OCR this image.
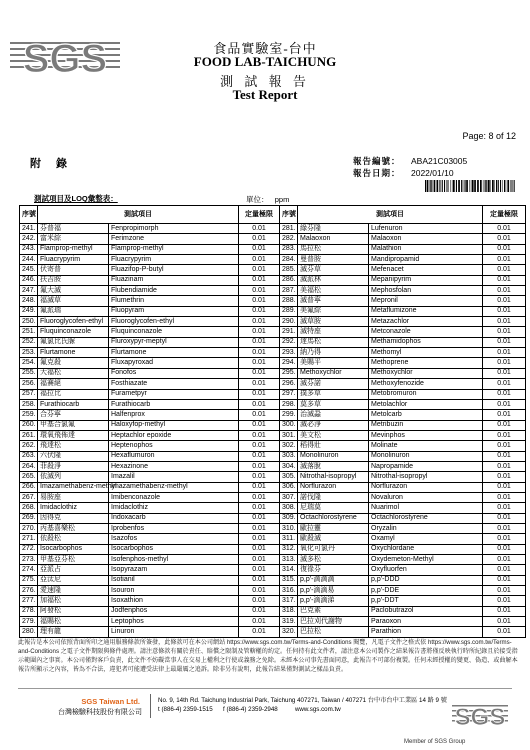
SGS	食品實驗室-台中
FOOD LAB-TAICHUNG
測 試 報 告
Test Report
Page: 8 of 12
附 錄	報告編號： ABA21C03005
報告日期： 2022/01/10
測試項目及LOQ彙整表：	單位： ppm
序號	測試項目		定量極限	序號	測試項目		定量極限
241.	芬普福	Fenpropimorph	0.01	281.	綠芬隆	Lufenuron	0.01
242.	富米綜	Ferimzone	0.01	282.	Malaoxon	Malaoxon	0.01
243.	Flamprop-methyl	Flamprop-methyl	0.01	283.	馬拉松	Malathion	0.01
244.	Fluacrypyrim	Fluacrypyrim	0.01	284.	曼普胺	Mandipropamid	0.01
245.	伏寄普	Fluazifop-P-butyl	0.01	285.	滅芬草	Mefenacet	0.01
246.	扶吉胺	Fluazinam	0.01	286.	滅派林	Mepanipyrim	0.01
247.	氟大滅	Flubendiamide	0.01	287.	美福松	Mephosfolan	0.01
248.	福滅草	Flumethrin	0.01	288.	滅普寧	Mepronil	0.01
249.	氟派瑞	Fluopyram	0.01	289.	美氟綜	Metaflumizone	0.01
250.	Fluoroglycofen-ethyl	Fluoroglycofen-ethyl	0.01	290.	滅草胺	Metazachlor	0.01
251.	Fluquinconazole	Fluquinconazole	0.01	291.	滅特座	Metconazole	0.01
252.	氟氯比氏脲	Fluroxypyr-meptyl	0.01	292.	達馬松	Methamidophos	0.01
253.	Flurtamone	Flurtamone	0.01	293.	納乃得	Methomyl	0.01
254.	氟克殺	Fluxapyroxad	0.01	294.	美賜平	Methoprene	0.01
255.	大福松	Fonofos	0.01	295.	Methoxychlor	Methoxychlor	0.01
256.	福賽絕	Fosthiazate	0.01	296.	滅芬諾	Methoxyfenozide	0.01
257.	福拉比	Furametpyr	0.01	297.	撲多草	Metobromuron	0.01
258.	Furathiocarb	Furathiocarb	0.01	298.	莫多草	Metolachlor	0.01
259.	合芬寧	Halfenprox	0.01	299.	治滅蝨	Metolcarb	0.01
260.	甲基合氯氟	Haloxyfop-methyl	0.01	300.	滅必淨	Metribuzin	0.01
261.	環氧飛佈達	Heptachlor epoxide	0.01	301.	美文松	Mevinphos	0.01
262.	飛達松	Heptenophos	0.01	302.	稻得壯	Molinate	0.01
263.	六伏隆	Hexaflumuron	0.01	303.	Monolinuron	Monolinuron	0.01
264.	菲殺淨	Hexazinone	0.01	304.	滅落脫	Napropamide	0.01
265.	依滅列	Imazalil	0.01	305.	Nitrothal-isopropyl	Nitrothal-isopropyl	0.01
266.	Imazamethabenz-methyl	Imazamethabenz-methyl	0.01	306.	Norflurazon	Norflurazon	0.01
267.	易胺座	Imibenconazole	0.01	307.	諾伐隆	Novaluron	0.01
268.	Imidaclothiz	Imidaclothiz	0.01	308.	尼瑞莫	Nuarimol	0.01
269.	因得克	Indoxacarb	0.01	309.	Octachlorostyrene	Octachlorostyrene	0.01
270.	丙基喜樂松	Iprobenfos	0.01	310.	歐拉靈	Oryzalin	0.01
271.	依殺松	Isazofos	0.01	311.	歐殺滅	Oxamyl	0.01
272.	Isocarbophos	Isocarbophos	0.01	312.	氧化可氯丹	Oxychlordane	0.01
273.	甲基亞芬松	Isofenphos-methyl	0.01	313.	滅多松	Oxydemeton-Methyl	0.01
274.	亞派占	Isopyrazam	0.01	314.	復祿芬	Oxyfluorfen	0.01
275.	亞汰尼	Isotianil	0.01	315.	p,p'-滴滴滴	p,p'-DDD	0.01
276.	愛速隆	Isouron	0.01	316.	p,p'-滴滴易	p,p'-DDE	0.01
277.	加福松	Isoxathion	0.01	317.	p,p'-滴滴涕	p,p'-DDT	0.01
278.	阿發松	Jodfenphos	0.01	318.	巴克素	Paclobutrazol	0.01
279.	福賜松	Leptophos	0.01	319.	巴拉刈代謝物	Paraoxon	0.01
280.	理有龍	Linuron	0.01	320.	巴拉松	Parathion	0.01
此報告是本公司依照背面所印之通用服務條款所簽發，此條款可在本公司網站 https://www.sgs.com.tw/Terms-and-Conditions 閱覽，凡電子文件之格式依 https://www.sgs.com.tw/Terms-and-Conditions 之電子文件期限與條件處理。請注意條款有關於責任、賠償之限制及管轄權的約定。任何持有此文件者，請注意本公司製作之結果報告書將僅反映執行時所紀錄且於接受指示範圍內之事實。本公司僅對客戶負責，此文件不妨礙當事人在交易上權利之行使或義務之免除。未經本公司事先書面同意，此報告不可部份複製。任何未經授權的變更、偽造、或曲解本報告所顯示之內容，皆為不合法，違犯者可能遭受法律上最嚴厲之追訴。除非另有說明，此報告結果僅對測試之樣品負責。
SGS Taiwan Ltd.
台灣檢驗科技股份有限公司
No. 9, 14th Rd. Taichung Industrial Park, Taichung 407271, Taiwan / 407271 台中市台中工業區 14 路 9 號
t (886-4) 2359-1515 f (886-4) 2359-2948	www.sgs.com.tw	SGS
Member of SGS Group
